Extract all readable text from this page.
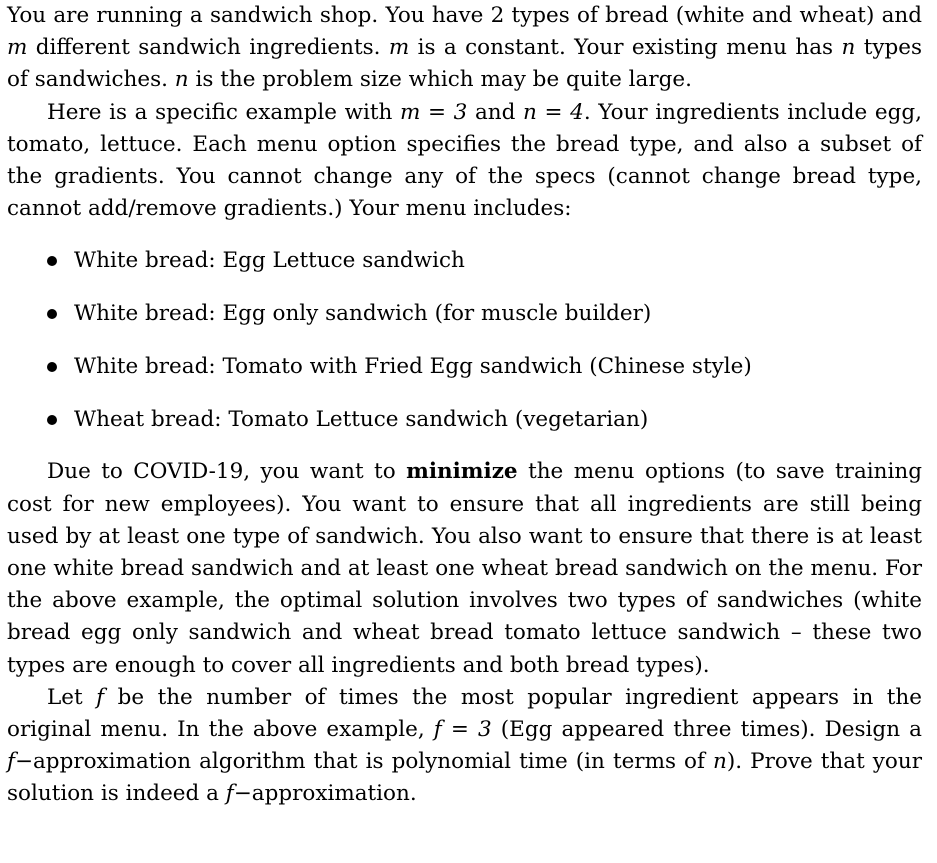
You are running a sandwich shop. You have 2 types of bread (white and wheat) and m different sandwich ingredients. m is a constant. Your existing menu has n types of sandwiches. n is the problem size which may be quite large.

Here is a specific example with m = 3 and n = 4. Your ingredients include egg, tomato, lettuce. Each menu option specifies the bread type, and also a subset of the gradients. You cannot change any of the specs (cannot change bread type, cannot add/remove gradients.) Your menu includes:

White bread: Egg Lettuce sandwich
White bread: Egg only sandwich (for muscle builder)
White bread: Tomato with Fried Egg sandwich (Chinese style)
Wheat bread: Tomato Lettuce sandwich (vegetarian)

Due to COVID-19, you want to minimize the menu options (to save training cost for new employees). You want to ensure that all ingredients are still being used by at least one type of sandwich. You also want to ensure that there is at least one white bread sandwich and at least one wheat bread sandwich on the menu. For the above example, the optimal solution involves two types of sandwiches (white bread egg only sandwich and wheat bread tomato lettuce sandwich – these two types are enough to cover all ingredients and both bread types).

Let f be the number of times the most popular ingredient appears in the original menu. In the above example, f = 3 (Egg appeared three times). Design a f−approximation algorithm that is polynomial time (in terms of n). Prove that your solution is indeed a f−approximation.
